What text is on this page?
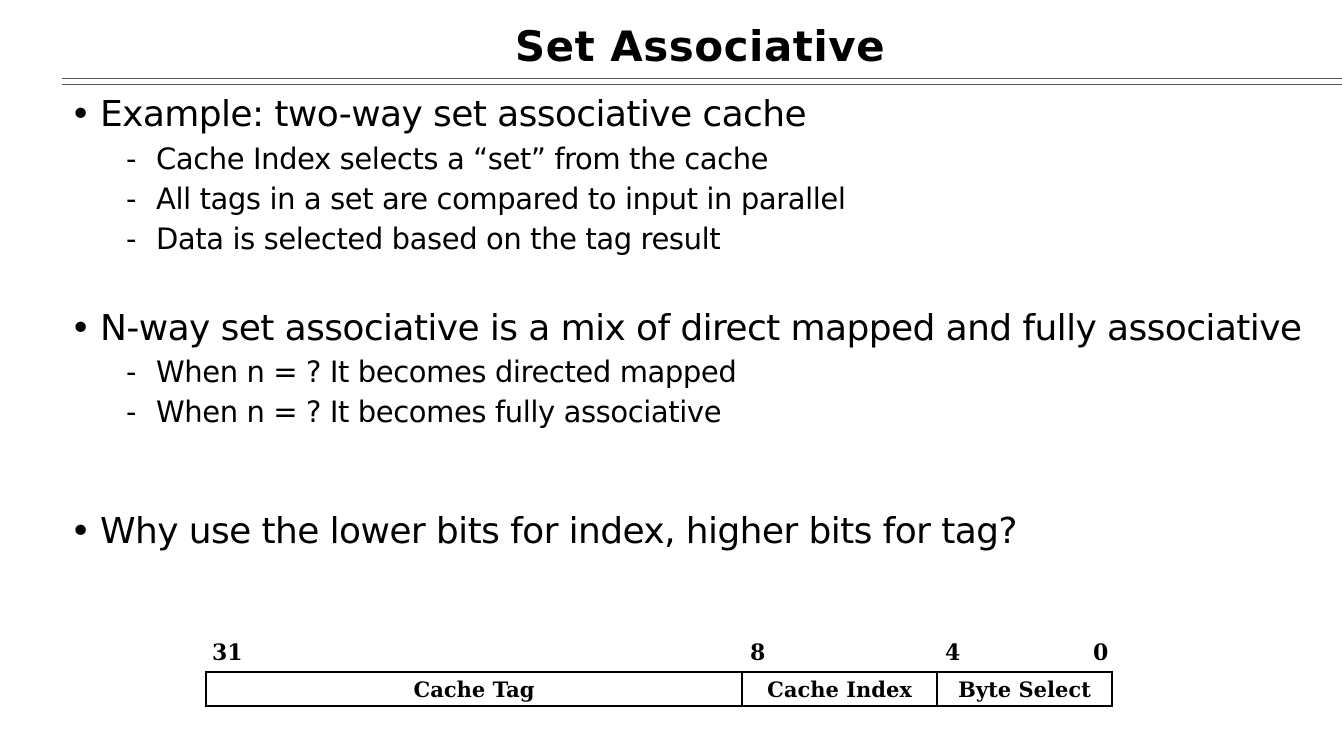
Set Associative
• Example: two-way set associative cache
- Cache Index selects a “set” from the cache
- All tags in a set are compared to input in parallel
- Data is selected based on the tag result
• N-way set associative is a mix of direct mapped and fully associative
- When n = ? It becomes directed mapped
- When n = ? It becomes fully associative
• Why use the lower bits for index, higher bits for tag?
31	8	4	0
Cache Tag	Cache Index	Byte Select
